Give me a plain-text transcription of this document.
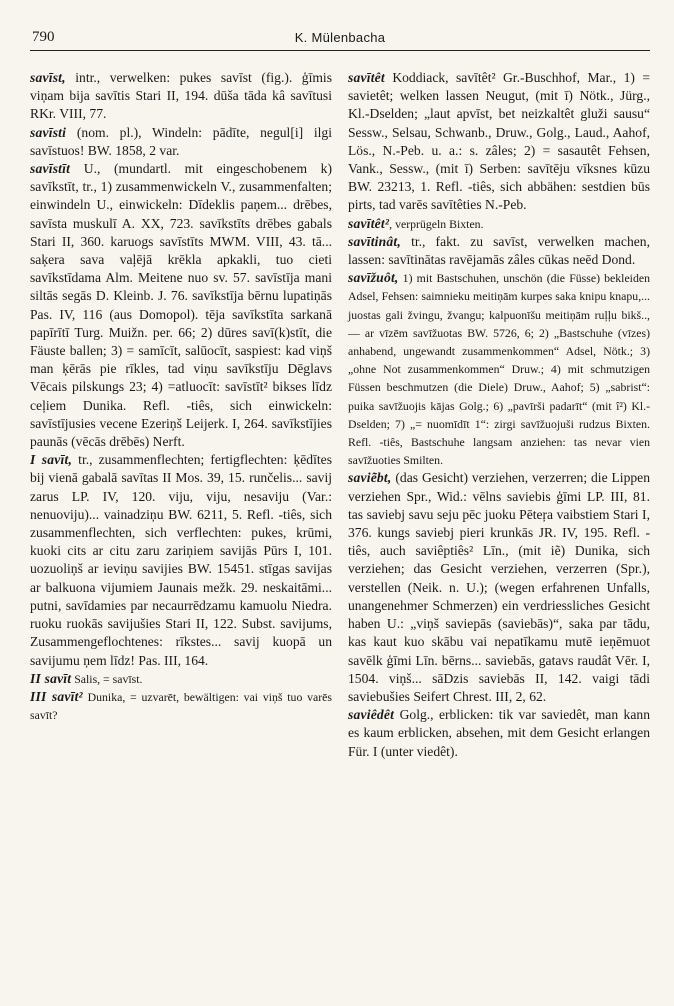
790	K. Mülenbacha

savīst, intr., verwelken: pukes savīst (fig.). ģīmis viņam bija savītis Stari II, 194. dūša tāda kâ savītusi RKr. VIII, 77.

savīsti (nom. pl.), Windeln: pādīte, negul[i] ilgi savīstuos! BW. 1858, 2 var.

savīstīt U., (mundartl. mit eingeschobenem k) savīkstīt, tr., 1) zusammenwickeln V., zusammenfalten; einwindeln U., einwickeln: Dīdeklis paņem... drēbes, savīsta muskulī A. XX, 723. savīkstīts drēbes gabals Stari II, 360. karuogs savīstīts MWM. VIII, 43. tā... saķera sava vaļējā krēkla apkakli, tuo cieti savīkstīdama Alm. Meitene nuo sv. 57. savīstīja mani siltās segās D. Kleinb. J. 76. savīkstīja bērnu lupatiņās Pas. IV, 116 (aus Domopol). tēja savīkstīta sarkanā papīrītī Turg. Muižn. per. 66; 2) dūres savī(k)stīt, die Fäuste ballen; 3) = samīcīt, salūocīt, saspiest: kad viņš man ķērās pie rīkles, tad viņu savīkstīju Dēglavs Vēcais pilskungs 23; 4) =atluocīt: savīstīt² bikses līdz ceļiem Dunika. Refl. -tiês, sich einwickeln: savīstījusies vecene Ezeriņš Leijerk. I, 264. savīkstījies paunās (vēcās drēbēs) Nerft.

I savīt, tr., zusammenflechten; fertigflechten: ķēdītes bij vienā gabalā savītas II Mos. 39, 15. runčelis... savij zarus LP. IV, 120. viju, viju, nesaviju (Var.: nenuoviju)... vainadziņu BW. 6211, 5. Refl. -tiês, sich zusammenflechten, sich verflechten: pukes, krūmi, kuoki cits ar citu zaru zariņiem savijās Pūrs I, 101. uozuoliņš ar ieviņu savijies BW. 15451. stīgas savijas ar balkuona vijumiem Jaunais mežk. 29. neskaitāmi... putni, savīdamies par necaurrēdzamu kamuolu Niedra. ruoku ruokās savijušies Stari II, 122. Subst. savijums, Zusammengeflochtenes: rīkstes... savij kuopā un savijumu ņem līdz! Pas. III, 164.

II savīt Salis, = savīst.

III savīt² Dunika, = uzvarēt, bewältigen: vai viņš tuo varēs savīt?

savītêt Koddiack, savītêt² Gr.-Buschhof, Mar., 1) = savietêt; welken lassen Neugut, (mit ī) Nötk., Jürg., Kl.-Dselden; „laut apvīst, bet neizkaltêt gluži sausu“ Sessw., Selsau, Schwanb., Druw., Golg., Laud., Aahof, Lös., N.-Peb. u. a.: s. zâles; 2) = sasautêt Fehsen, Vank., Sessw., (mit ī) Serben: savītēju vīksnes kūzu BW. 23213, 1. Refl. -tiês, sich abbähen: sestdien būs pirts, tad varēs savītêties N.-Peb.

savītêt², verprügeln Bixten.

savītinât, tr., fakt. zu savīst, verwelken machen, lassen: savītinātas ravējamās zâles cūkas neēd Dond.

savīžuôt, 1) mit Bastschuhen, unschön (die Füsse) bekleiden Adsel, Fehsen: saimnieku meitiņām kurpes saka knipu knapu,... juostas gali žvingu, žvangu; kalpuonīšu meitiņām ruļļu bikš.., — ar vīzēm savīžuotas BW. 5726, 6; 2) „Bastschuhe (vīzes) anhabend, ungewandt zusammenkommen“ Adsel, Nötk.; 3) „ohne Not zusammenkommen“ Druw.; 4) mit schmutzigen Füssen beschmutzen (die Diele) Druw., Aahof; 5) „sabrist“: puika savīžuojis kājas Golg.; 6) „pavīrši padarīt“ (mit î²) Kl.-Dselden; 7) „= nuomīdīt 1“: zirgi savīžuojuši rudzus Bixten. Refl. -tiês, Bastschuhe langsam anziehen: tas nevar vien savīžuoties Smilten.

saviẽbt, (das Gesicht) verziehen, verzerren; die Lippen verziehen Spr., Wid.: vēlns saviebis ģīmi LP. III, 81. tas saviebj savu seju pēc juoku Pēteŗa vaibstiem Stari I, 376. kungs saviebj pieri krunkās JR. IV, 195. Refl. -tiês, auch saviêptiês² Līn., (mit iẽ) Dunika, sich verziehen; das Gesicht verziehen, verzerren (Spr.), verstellen (Neik. n. U.); (wegen erfahrenen Unfalls, unangenehmer Schmerzen) ein verdriessliches Gesicht haben U.: „viņš saviepās (saviebās)“, saka par tādu, kas kaut kuo skābu vai nepatīkamu mutē ieņēmuot savēlk ģīmi Līn. bērns... saviebās, gatavs raudât Vēr. I, 1504. viņš... sāDzis saviebās II, 142. vaigi tādi saviebušies Seifert Chrest. III, 2, 62.

saviêdêt Golg., erblicken: tik var saviedêt, man kann es kaum erblicken, absehen, mit dem Gesicht erlangen Für. I (unter viedêt).
